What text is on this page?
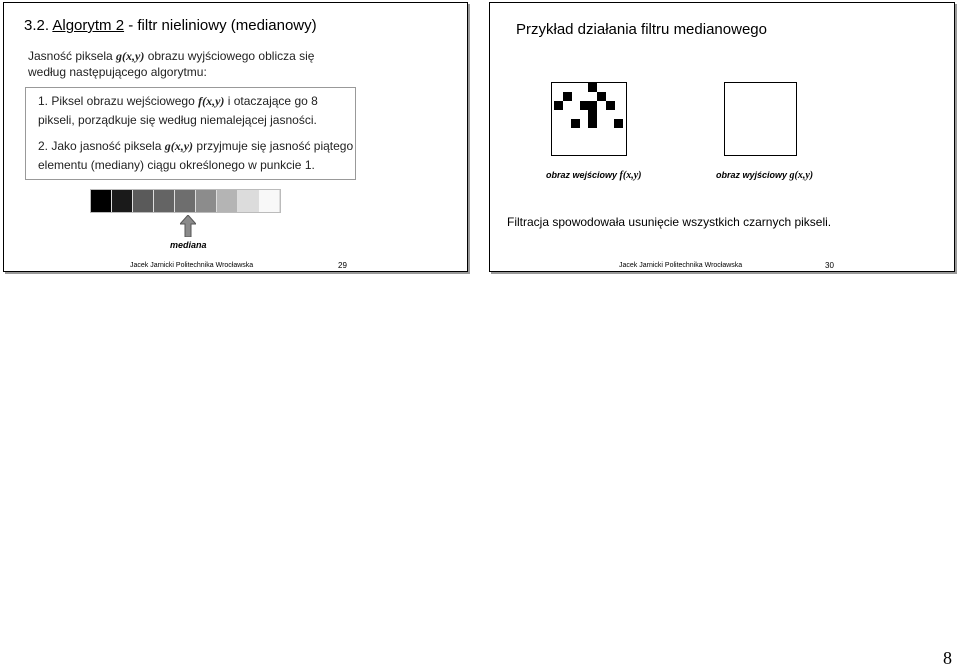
3.2. Algorytm 2 - filtr nieliniowy (medianowy)
Jasność piksela g(x,y) obrazu wyjściowego oblicza się
według następującego algorytmu:
1. Piksel obrazu wejściowego f(x,y) i otaczające go 8 pikseli, porządkuje się według niemalejącej jasności.
2. Jako jasność piksela g(x,y) przyjmuje się jasność piątego elementu (mediany) ciągu określonego w punkcie 1.
mediana
Jacek Jarnicki Politechnika Wrocławska	29
Przykład działania filtru medianowego
obraz wejściowy f(x,y)	obraz wyjściowy g(x,y)
Filtracja spowodowała usunięcie wszystkich czarnych pikseli.
Jacek Jarnicki Politechnika Wrocławska	30
8
